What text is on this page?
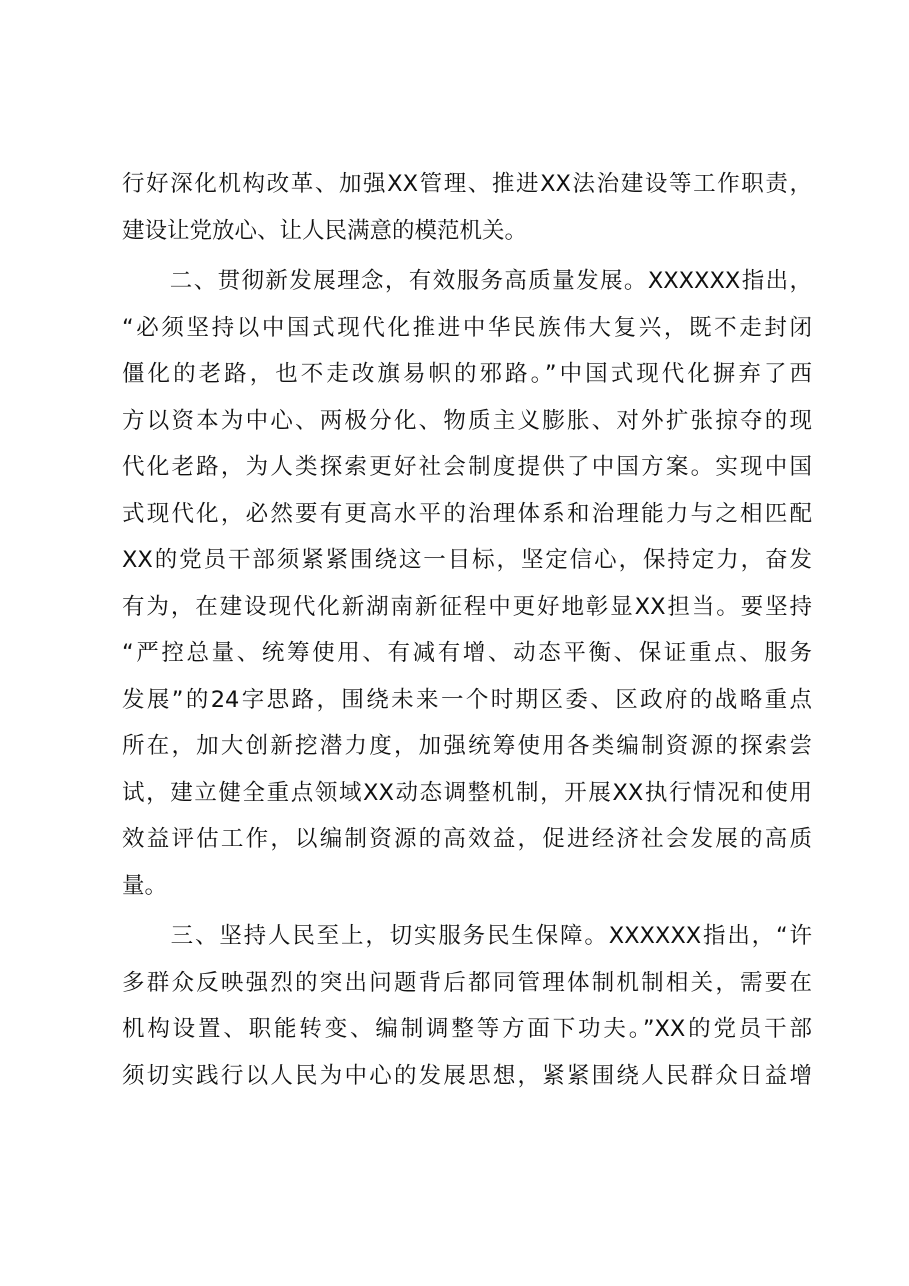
行好深化机构改革、加强XX管理、推进XX法治建设等工作职责，
建设让党放心、让人民满意的模范机关。
　　二、贯彻新发展理念，有效服务高质量发展。XXXXXX指出，
“必须坚持以中国式现代化推进中华民族伟大复兴，既不走封闭
僵化的老路，也不走改旗易帜的邪路。”中国式现代化摒弃了西
方以资本为中心、两极分化、物质主义膨胀、对外扩张掠夺的现
代化老路，为人类探索更好社会制度提供了中国方案。实现中国
式现代化，必然要有更高水平的治理体系和治理能力与之相匹配
XX的党员干部须紧紧围绕这一目标，坚定信心，保持定力，奋发
有为，在建设现代化新湖南新征程中更好地彰显XX担当。要坚持
“严控总量、统筹使用、有减有增、动态平衡、保证重点、服务
发展”的24字思路，围绕未来一个时期区委、区政府的战略重点
所在，加大创新挖潜力度，加强统筹使用各类编制资源的探索尝
试，建立健全重点领域XX动态调整机制，开展XX执行情况和使用
效益评估工作，以编制资源的高效益，促进经济社会发展的高质
量。
　　三、坚持人民至上，切实服务民生保障。XXXXXX指出，“许
多群众反映强烈的突出问题背后都同管理体制机制相关，需要在
机构设置、职能转变、编制调整等方面下功夫。”XX的党员干部
须切实践行以人民为中心的发展思想，紧紧围绕人民群众日益增
